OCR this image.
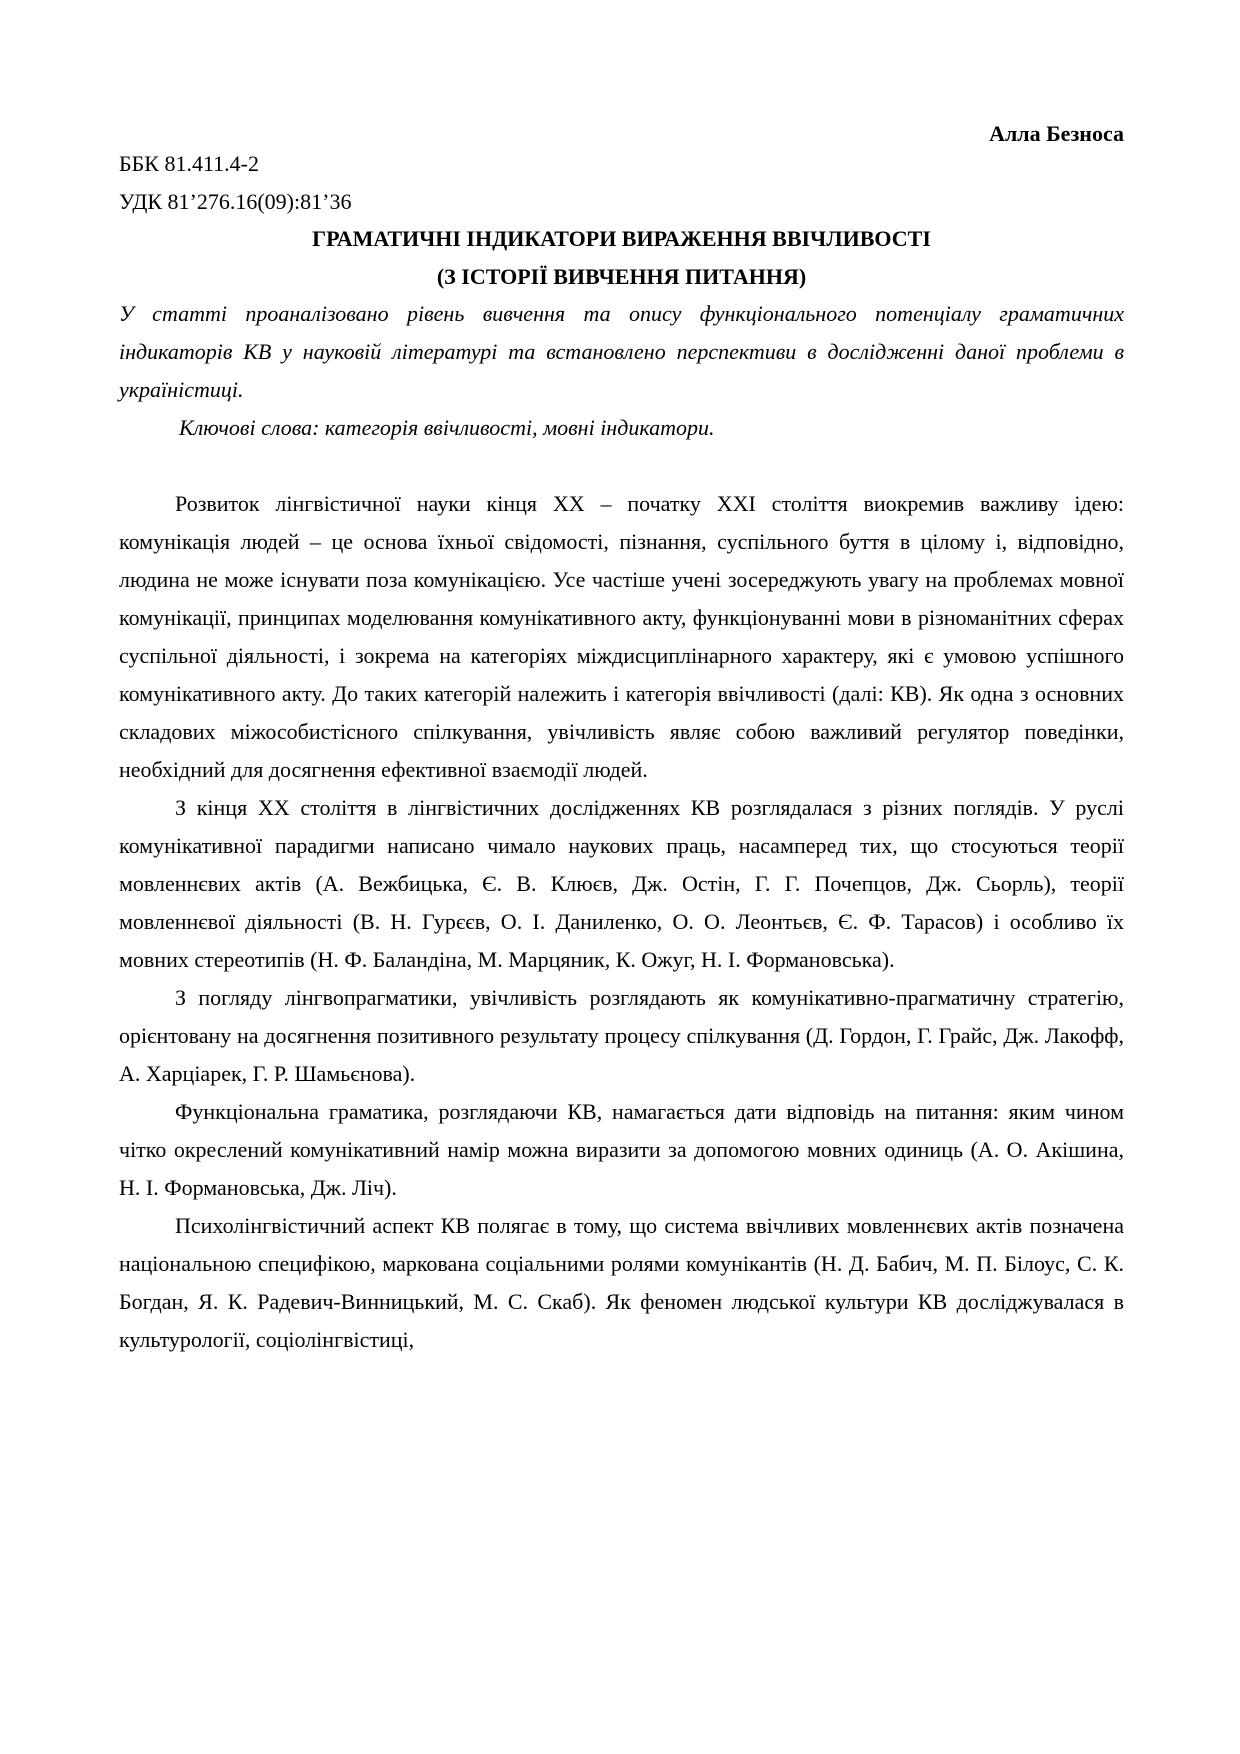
Алла Безноса
ББК 81.411.4-2
УДК 81’276.16(09):81’36
ГРАМАТИЧНІ ІНДИКАТОРИ ВИРАЖЕННЯ ВВІЧЛИВОСТІ
(З ІСТОРІЇ ВИВЧЕННЯ ПИТАННЯ)
У статті проаналізовано рівень вивчення та опису функціонального потенціалу граматичних індикаторів КВ у науковій літературі та встановлено перспективи в дослідженні даної проблеми в україністиці.
Ключові слова: категорія ввічливості, мовні індикатори.

Розвиток лінгвістичної науки кінця ХХ – початку ХХІ століття виокремив важливу ідею: комунікація людей – це основа їхньої свідомості, пізнання, суспільного буття в цілому і, відповідно, людина не може існувати поза комунікацією. Усе частіше учені зосереджують увагу на проблемах мовної комунікації, принципах моделювання комунікативного акту, функціонуванні мови в різноманітних сферах суспільної діяльності, і зокрема на категоріях міждисциплінарного характеру, які є умовою успішного комунікативного акту. До таких категорій належить і категорія ввічливості (далі: КВ). Як одна з основних складових міжособистісного спілкування, увічливість являє собою важливий регулятор поведінки, необхідний для досягнення ефективної взаємодії людей.

З кінця ХХ століття в лінгвістичних дослідженнях КВ розглядалася з різних поглядів. У руслі комунікативної парадигми написано чимало наукових праць, насамперед тих, що стосуються теорії мовленнєвих актів (А. Вежбицька, Є. В. Клюєв, Дж. Остін, Г. Г. Почепцов, Дж. Сьорль), теорії мовленнєвої діяльності (В. Н. Гурєєв, О. І. Даниленко, О. О. Леонтьєв, Є. Ф. Тарасов) і особливо їх мовних стереотипів (Н. Ф. Баландіна, М. Марцяник, К. Ожуг, Н. І. Формановська).

З погляду лінгвопрагматики, увічливість розглядають як комунікативно-прагматичну стратегію, орієнтовану на досягнення позитивного результату процесу спілкування (Д. Гордон, Г. Грайс, Дж. Лакофф, А. Харціарек, Г. Р. Шамьєнова).

Функціональна граматика, розглядаючи КВ, намагається дати відповідь на питання: яким чином чітко окреслений комунікативний намір можна виразити за допомогою мовних одиниць (А. О. Акішина, Н. І. Формановська, Дж. Ліч).

Психолінгвістичний аспект КВ полягає в тому, що система ввічливих мовленнєвих актів позначена національною специфікою, маркована соціальними ролями комунікантів (Н. Д. Бабич, М. П. Білоус, С. К. Богдан, Я. К. Радевич-Винницький, М. С. Скаб). Як феномен людської культури КВ досліджувалася в культурології, соціолінгвістиці,
